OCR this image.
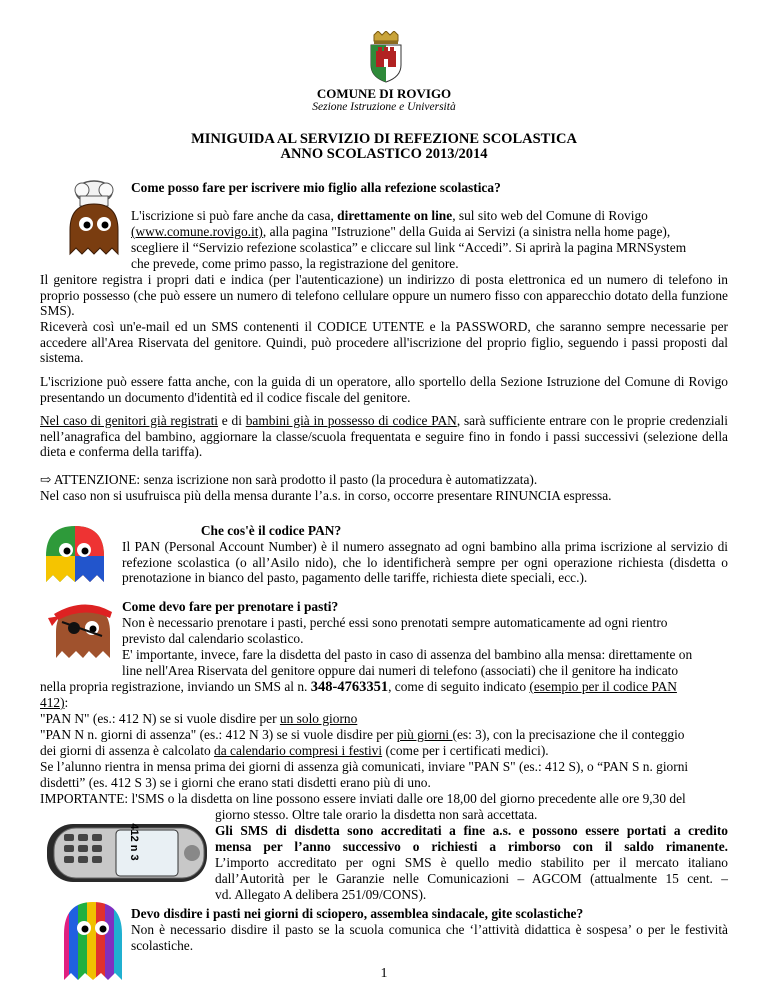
COMUNE DI ROVIGO
Sezione Istruzione e Università
MINIGUIDA AL SERVIZIO DI REFEZIONE SCOLASTICA
ANNO SCOLASTICO 2013/2014
Come posso fare per iscrivere mio figlio alla refezione scolastica?
L'iscrizione si può fare anche da casa, direttamente on line, sul sito web del Comune di Rovigo
(www.comune.rovigo.it), alla pagina "Istruzione" della Guida ai Servizi (a sinistra nella home page),
scegliere il “Servizio refezione scolastica” e cliccare sul link “Accedi”. Si aprirà la pagina MRNSystem
che prevede, come primo passo, la registrazione del genitore.
Il genitore registra i propri dati e indica (per l'autenticazione) un indirizzo di posta elettronica ed un numero di telefono in proprio possesso (che può essere un numero di telefono cellulare oppure un numero fisso con apparecchio dotato della funzione SMS).
Riceverà così un'e-mail ed un SMS contenenti il CODICE UTENTE e la PASSWORD, che saranno sempre necessarie per accedere all'Area Riservata del genitore. Quindi, può procedere all'iscrizione del proprio figlio, seguendo i passi proposti dal sistema.
L'iscrizione può essere fatta anche, con la guida di un operatore, allo sportello della Sezione Istruzione del Comune di Rovigo presentando un documento d'identità ed il codice fiscale del genitore.
Nel caso di genitori già registrati e di bambini già in possesso di codice PAN, sarà sufficiente entrare con le proprie credenziali nell’anagrafica del bambino, aggiornare la classe/scuola frequentata e seguire fino in fondo i passi successivi (selezione della dieta e conferma della tariffa).
⇨ ATTENZIONE: senza iscrizione non sarà prodotto il pasto (la procedura è automatizzata).
Nel caso non si usufruisca più della mensa durante l’a.s. in corso, occorre presentare RINUNCIA espressa.
Che cos'è il codice PAN?
Il PAN (Personal Account Number) è il numero assegnato ad ogni bambino alla prima iscrizione al servizio di refezione scolastica (o all’Asilo nido), che lo identificherà sempre per ogni operazione richiesta (disdetta o prenotazione in bianco del pasto, pagamento delle tariffe, richiesta diete speciali, ecc.).
Come devo fare per prenotare i pasti?
Non è necessario prenotare i pasti, perché essi sono prenotati sempre automaticamente ad ogni rientro
previsto dal calendario scolastico.
E' importante, invece, fare la disdetta del pasto in caso di assenza del bambino alla mensa: direttamente on
line nell'Area Riservata del genitore oppure dai numeri di telefono (associati) che il genitore ha indicato
nella propria registrazione, inviando un SMS al n. 348-4763351, come di seguito indicato (esempio per il codice PAN
412):
"PAN N" (es.: 412 N) se si vuole disdire per un solo giorno
"PAN N n. giorni di assenza" (es.: 412 N 3) se si vuole disdire per più giorni (es: 3), con la precisazione che il conteggio
dei giorni di assenza è calcolato da calendario compresi i festivi (come per i certificati medici).
Se l’alunno rientra in mensa prima dei giorni di assenza già comunicati, inviare "PAN S" (es.: 412 S), o “PAN S n. giorni
disdetti” (es. 412 S 3) se i giorni che erano stati disdetti erano più di uno.
IMPORTANTE: l'SMS o la disdetta on line possono essere inviati dalle ore 18,00 del giorno precedente alle ore 9,30 del
giorno stesso. Oltre tale orario la disdetta non sarà accettata.
Gli SMS di disdetta sono accreditati a fine a.s. e possono essere portati a credito
mensa per l’anno successivo o richiesti a rimborso con il saldo rimanente.
L’importo accreditato per ogni SMS è quello medio stabilito per il mercato italiano
dall’Autorità per le Garanzie nelle Comunicazioni – AGCOM (attualmente 15 cent. –
vd. Allegato A delibera 251/09/CONS).
412 n 3
Devo disdire i pasti nei giorni di sciopero, assemblea sindacale, gite scolastiche?
Non è necessario disdire il pasto se la scuola comunica che ‘l’attività didattica è sospesa’ o per le festività scolastiche.
1
